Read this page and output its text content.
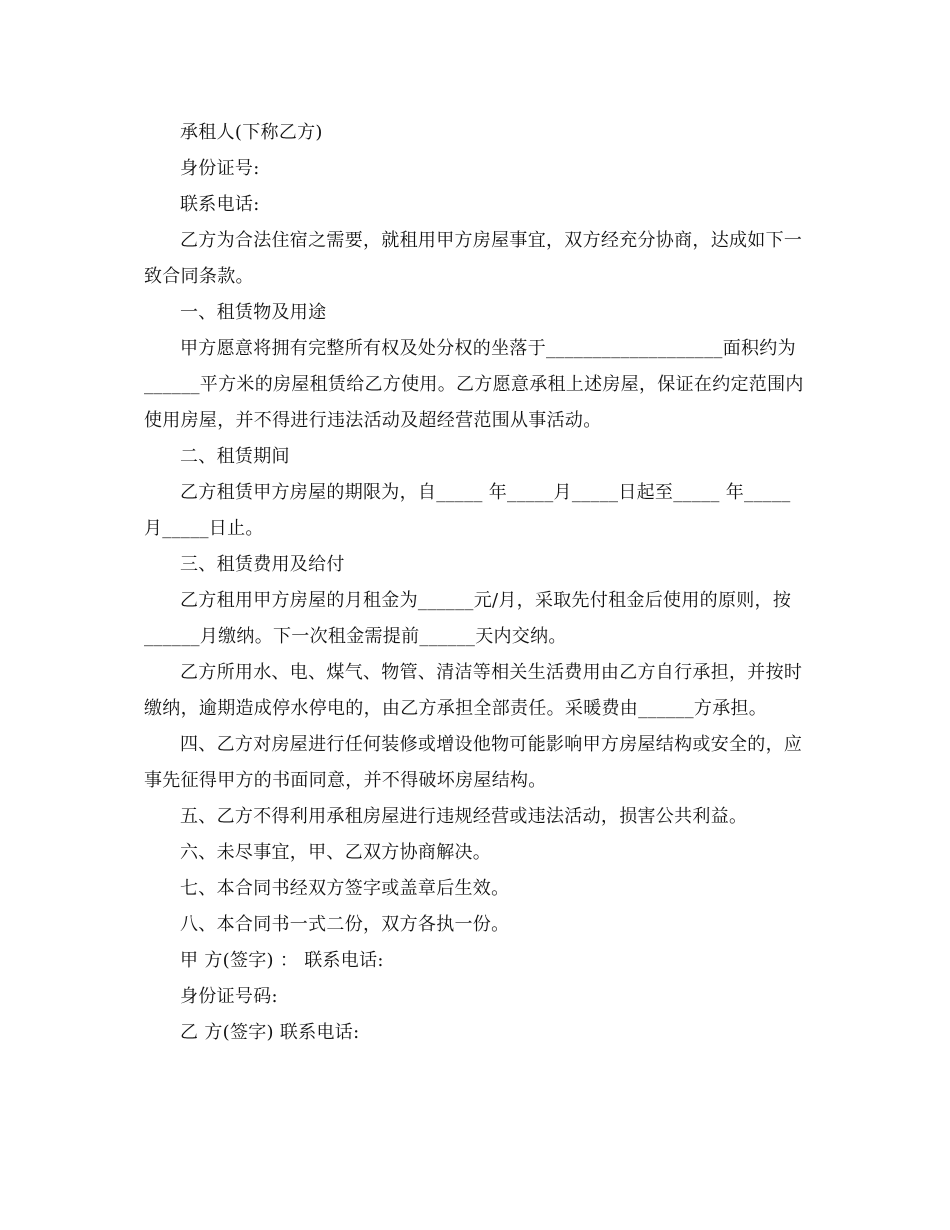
承租人(下称乙方)

身份证号:

联系电话:

乙方为合法住宿之需要，就租用甲方房屋事宜，双方经充分协商，达成如下一致合同条款。

一、租赁物及用途

甲方愿意将拥有完整所有权及处分权的坐落于___________________面积约为______平方米的房屋租赁给乙方使用。乙方愿意承租上述房屋，保证在约定范围内使用房屋，并不得进行违法活动及超经营范围从事活动。

二、租赁期间

乙方租赁甲方房屋的期限为，自_____ 年_____月_____日起至_____ 年_____ 月_____日止。

三、租赁费用及给付

乙方租用甲方房屋的月租金为______元/月，采取先付租金后使用的原则，按______月缴纳。下一次租金需提前______天内交纳。

乙方所用水、电、煤气、物管、清洁等相关生活费用由乙方自行承担，并按时缴纳，逾期造成停水停电的，由乙方承担全部责任。采暖费由______方承担。

四、乙方对房屋进行任何装修或增设他物可能影响甲方房屋结构或安全的，应事先征得甲方的书面同意，并不得破坏房屋结构。

五、乙方不得利用承租房屋进行违规经营或违法活动，损害公共利益。

六、未尽事宜，甲、乙双方协商解决。

七、本合同书经双方签字或盖章后生效。

八、本合同书一式二份，双方各执一份。

甲 方(签字) ： 联系电话:

身份证号码:

乙 方(签字) 联系电话:
